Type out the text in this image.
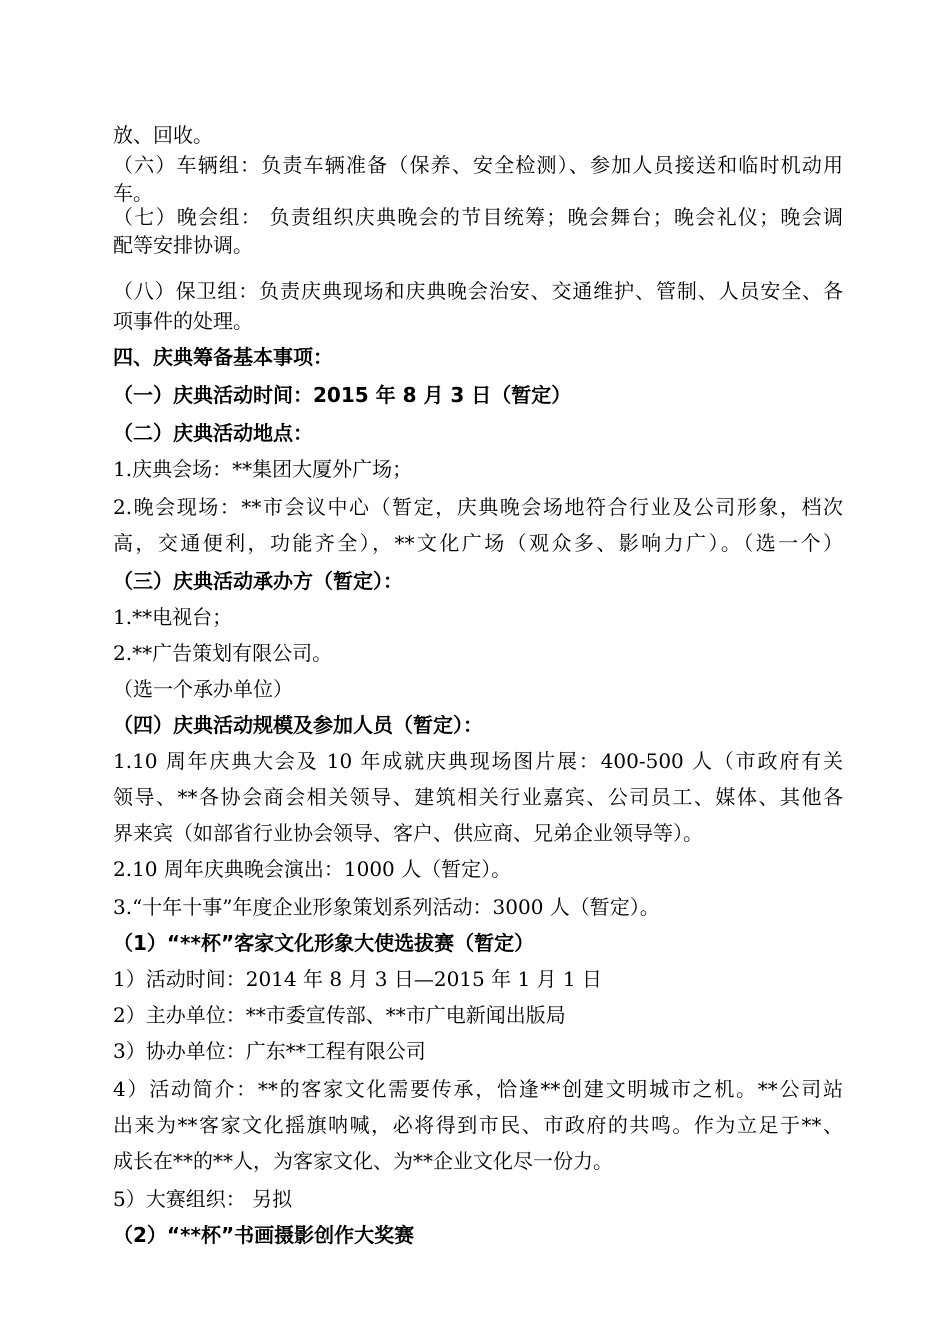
放、回收。
（六）车辆组：负责车辆准备（保养、安全检测）、参加人员接送和临时机动用
车。
（七）晚会组： 负责组织庆典晚会的节目统筹；晚会舞台；晚会礼仪；晚会调
配等安排协调。
（八）保卫组：负责庆典现场和庆典晚会治安、交通维护、管制、人员安全、各
项事件的处理。
四、庆典筹备基本事项：
（一）庆典活动时间：2015 年 8 月 3 日（暂定）
（二）庆典活动地点：
1.庆典会场：**集团大厦外广场；
2.晚会现场：**市会议中心（暂定，庆典晚会场地符合行业及公司形象，档次
高，交通便利，功能齐全），**文化广场（观众多、影响力广）。（选一个）
（三）庆典活动承办方（暂定）：
1.**电视台；
2.**广告策划有限公司。
（选一个承办单位）
（四）庆典活动规模及参加人员（暂定）：
1.10 周年庆典大会及 10 年成就庆典现场图片展：400-500 人（市政府有关
领导、**各协会商会相关领导、建筑相关行业嘉宾、公司员工、媒体、其他各
界来宾（如部省行业协会领导、客户、供应商、兄弟企业领导等）。
2.10 周年庆典晚会演出：1000 人（暂定）。
3.“十年十事”年度企业形象策划系列活动：3000 人（暂定）。
（1）“**杯”客家文化形象大使选拔赛（暂定）
1）活动时间：2014 年 8 月 3 日—2015 年 1 月 1 日
2）主办单位：**市委宣传部、**市广电新闻出版局
3）协办单位：广东**工程有限公司
4）活动简介：**的客家文化需要传承，恰逢**创建文明城市之机。**公司站
出来为**客家文化摇旗呐喊，必将得到市民、市政府的共鸣。作为立足于**、
成长在**的**人，为客家文化、为**企业文化尽一份力。
5）大赛组织： 另拟
（2）“**杯”书画摄影创作大奖赛
